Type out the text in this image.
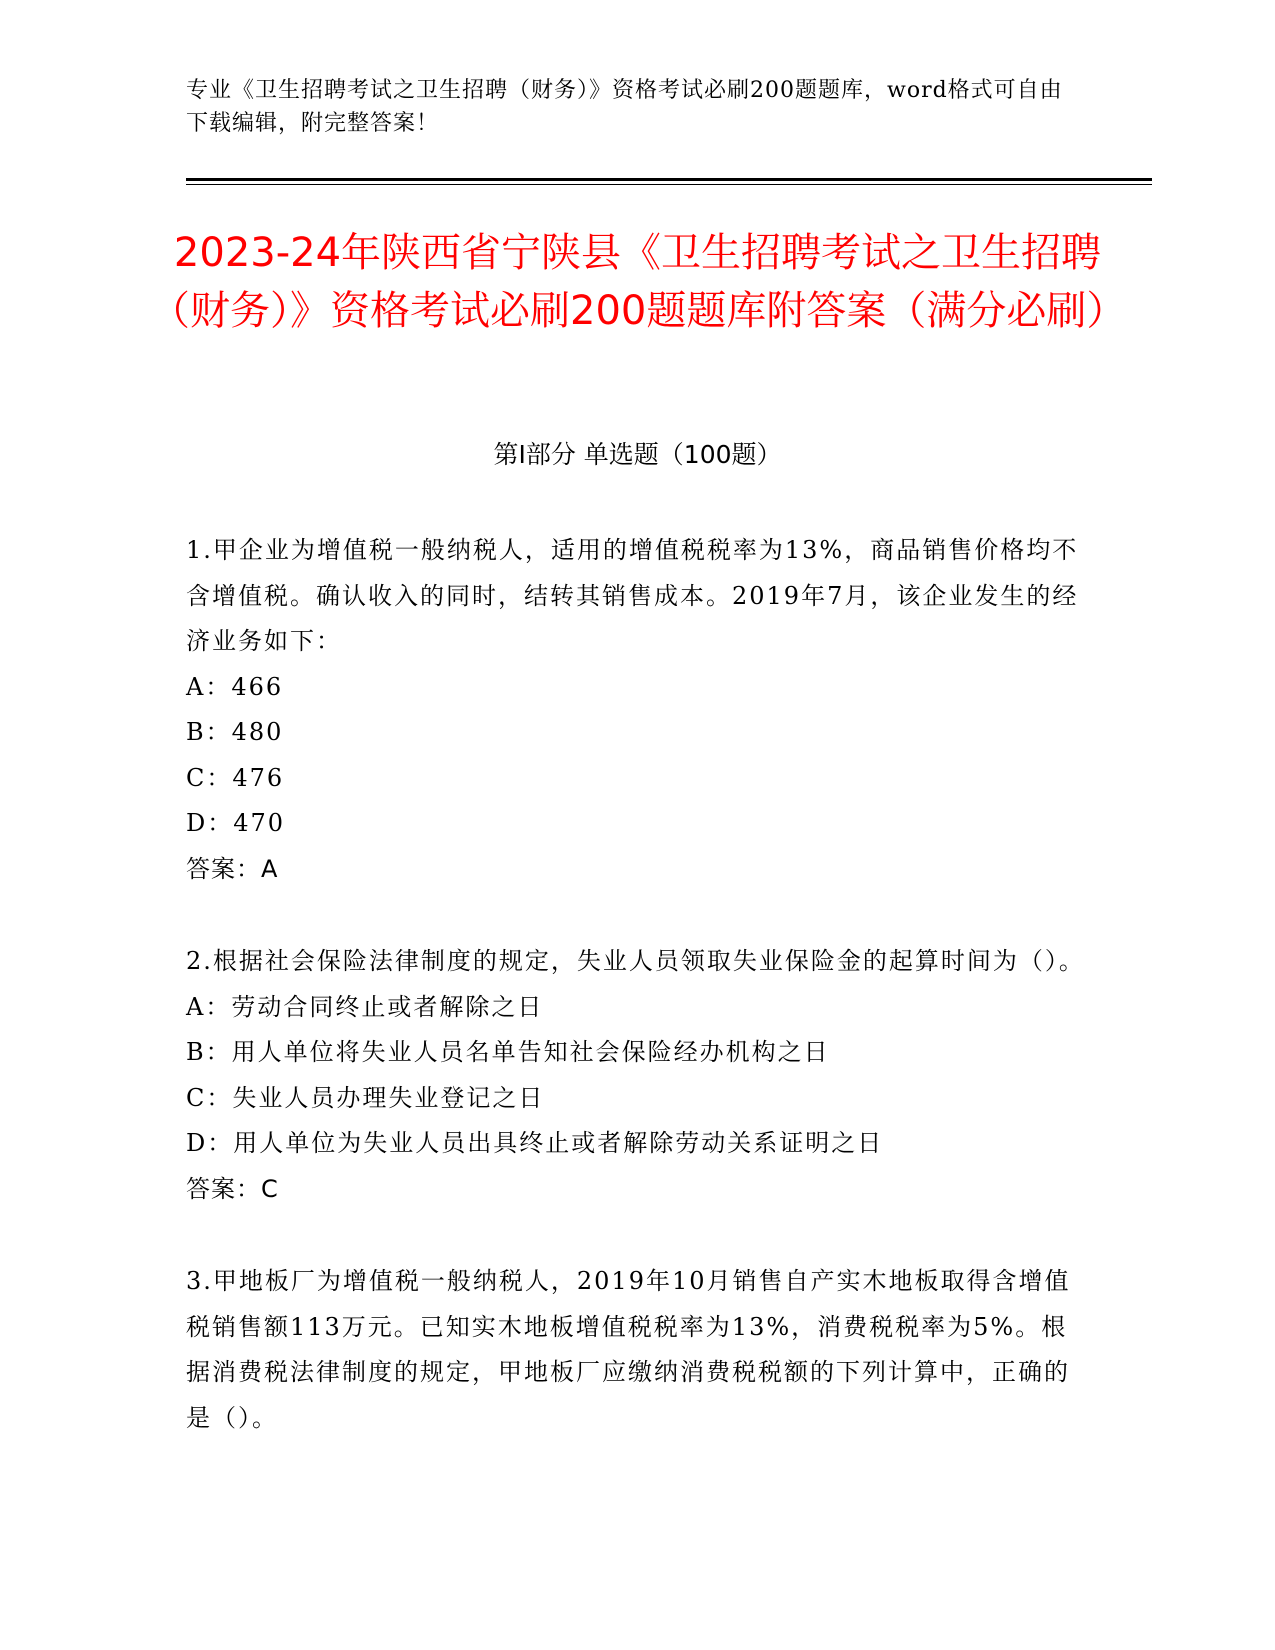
专业《卫生招聘考试之卫生招聘（财务）》资格考试必刷200题题库，word格式可自由下载编辑，附完整答案！
2023-24年陕西省宁陕县《卫生招聘考试之卫生招聘（财务）》资格考试必刷200题题库附答案（满分必刷）
第Ⅰ部分 单选题（100题）
1.甲企业为增值税一般纳税人，适用的增值税税率为13%，商品销售价格均不含增值税。确认收入的同时，结转其销售成本。2019年7月，该企业发生的经济业务如下：
A：466
B：480
C：476
D：470
答案：A
2.根据社会保险法律制度的规定，失业人员领取失业保险金的起算时间为（）。
A：劳动合同终止或者解除之日
B：用人单位将失业人员名单告知社会保险经办机构之日
C：失业人员办理失业登记之日
D：用人单位为失业人员出具终止或者解除劳动关系证明之日
答案：C
3.甲地板厂为增值税一般纳税人，2019年10月销售自产实木地板取得含增值税销售额113万元。已知实木地板增值税税率为13%，消费税税率为5%。根据消费税法律制度的规定，甲地板厂应缴纳消费税税额的下列计算中，正确的是（）。
